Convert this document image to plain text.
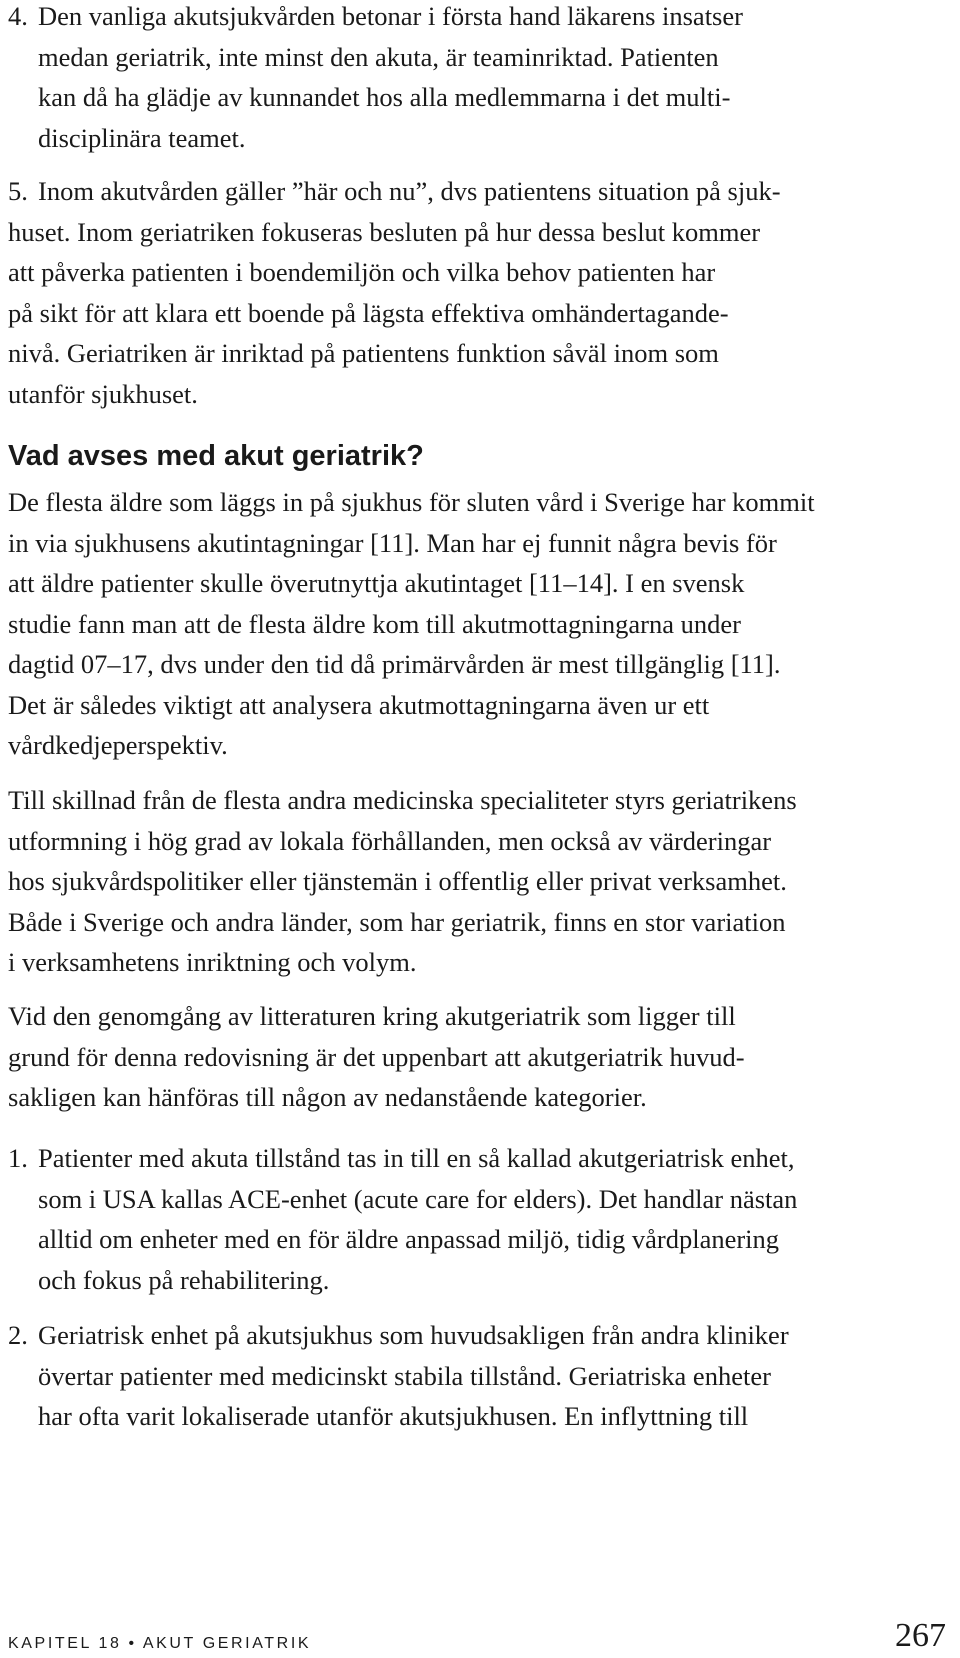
4. Den vanliga akutsjukvården betonar i första hand läkarens insatser
medan geriatrik, inte minst den akuta, är teaminriktad. Patienten
kan då ha glädje av kunnandet hos alla medlemmarna i det multi-
disciplinära teamet.
5. Inom akutvården gäller ”här och nu”, dvs patientens situation på sjuk-
huset. Inom geriatriken fokuseras besluten på hur dessa beslut kommer
att påverka patienten i boendemiljön och vilka behov patienten har
på sikt för att klara ett boende på lägsta effektiva omhändertagande-
nivå. Geriatriken är inriktad på patientens funktion såväl inom som
utanför sjukhuset.
Vad avses med akut geriatrik?
De flesta äldre som läggs in på sjukhus för sluten vård i Sverige har kommit
in via sjukhusens akutintagningar [11]. Man har ej funnit några bevis för
att äldre patienter skulle överutnyttja akutintaget [11–14]. I en svensk
studie fann man att de flesta äldre kom till akutmottagningarna under
dagtid 07–17, dvs under den tid då primärvården är mest tillgänglig [11].
Det är således viktigt att analysera akutmottagningarna även ur ett
vårdkedjeperspektiv.
Till skillnad från de flesta andra medicinska specialiteter styrs geriatrikens
utformning i hög grad av lokala förhållanden, men också av värderingar
hos sjukvårdspolitiker eller tjänstemän i offentlig eller privat verksamhet.
Både i Sverige och andra länder, som har geriatrik, finns en stor variation
i verksamhetens inriktning och volym.
Vid den genomgång av litteraturen kring akutgeriatrik som ligger till
grund för denna redovisning är det uppenbart att akutgeriatrik huvud-
sakligen kan hänföras till någon av nedanstående kategorier.
1. Patienter med akuta tillstånd tas in till en så kallad akutgeriatrisk enhet,
som i USA kallas ACE-enhet (acute care for elders). Det handlar nästan
alltid om enheter med en för äldre anpassad miljö, tidig vårdplanering
och fokus på rehabilitering.
2. Geriatrisk enhet på akutsjukhus som huvudsakligen från andra kliniker
övertar patienter med medicinskt stabila tillstånd. Geriatriska enheter
har ofta varit lokaliserade utanför akutsjukhusen. En inflyttning till
KAPITEL 18 • AKUT GERIATRIK	267
